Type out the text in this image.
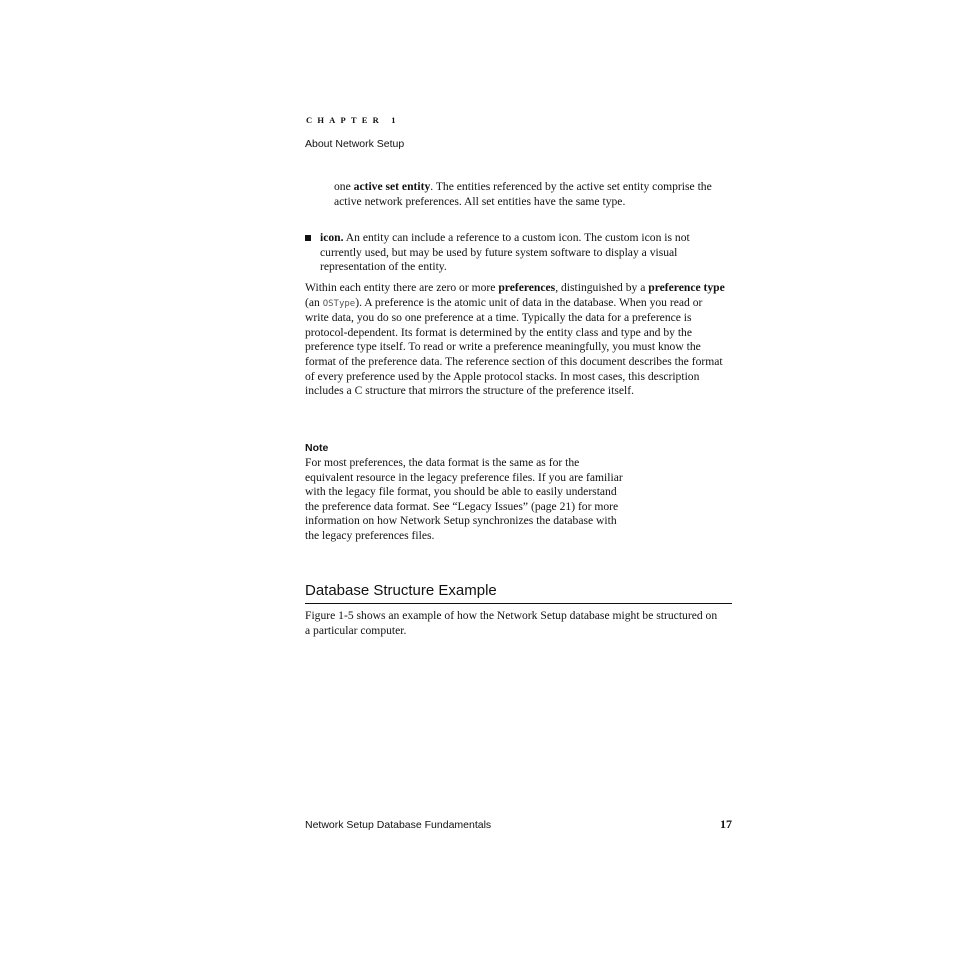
CHAPTER 1
About Network Setup
one active set entity. The entities referenced by the active set entity comprise the active network preferences. All set entities have the same type.
icon. An entity can include a reference to a custom icon. The custom icon is not currently used, but may be used by future system software to display a visual representation of the entity.
Within each entity there are zero or more preferences, distinguished by a preference type (an OSType). A preference is the atomic unit of data in the database. When you read or write data, you do so one preference at a time. Typically the data for a preference is protocol-dependent. Its format is determined by the entity class and type and by the preference type itself. To read or write a preference meaningfully, you must know the format of the preference data. The reference section of this document describes the format of every preference used by the Apple protocol stacks. In most cases, this description includes a C structure that mirrors the structure of the preference itself.
Note
For most preferences, the data format is the same as for the equivalent resource in the legacy preference files. If you are familiar with the legacy file format, you should be able to easily understand the preference data format. See “Legacy Issues” (page 21) for more information on how Network Setup synchronizes the database with the legacy preferences files.
Database Structure Example
Figure 1-5 shows an example of how the Network Setup database might be structured on a particular computer.
Network Setup Database Fundamentals	17
